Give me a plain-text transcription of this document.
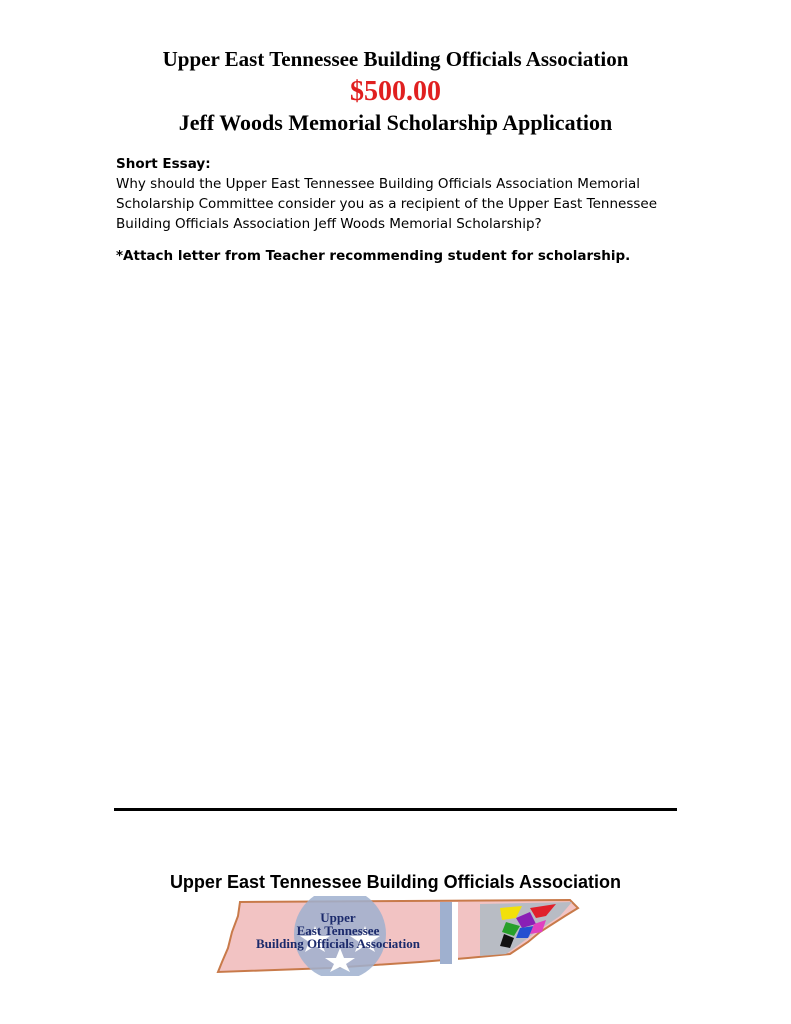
Upper East Tennessee Building Officials Association
$500.00
Jeff Woods Memorial Scholarship Application
Short Essay:
Why should the Upper East Tennessee Building Officials Association Memorial
Scholarship Committee consider you as a recipient of the Upper East Tennessee
Building Officials Association Jeff Woods Memorial Scholarship?
*Attach letter from Teacher recommending student for scholarship.
Upper East Tennessee Building Officials Association
Upper
East Tennessee
Building Officials Association
